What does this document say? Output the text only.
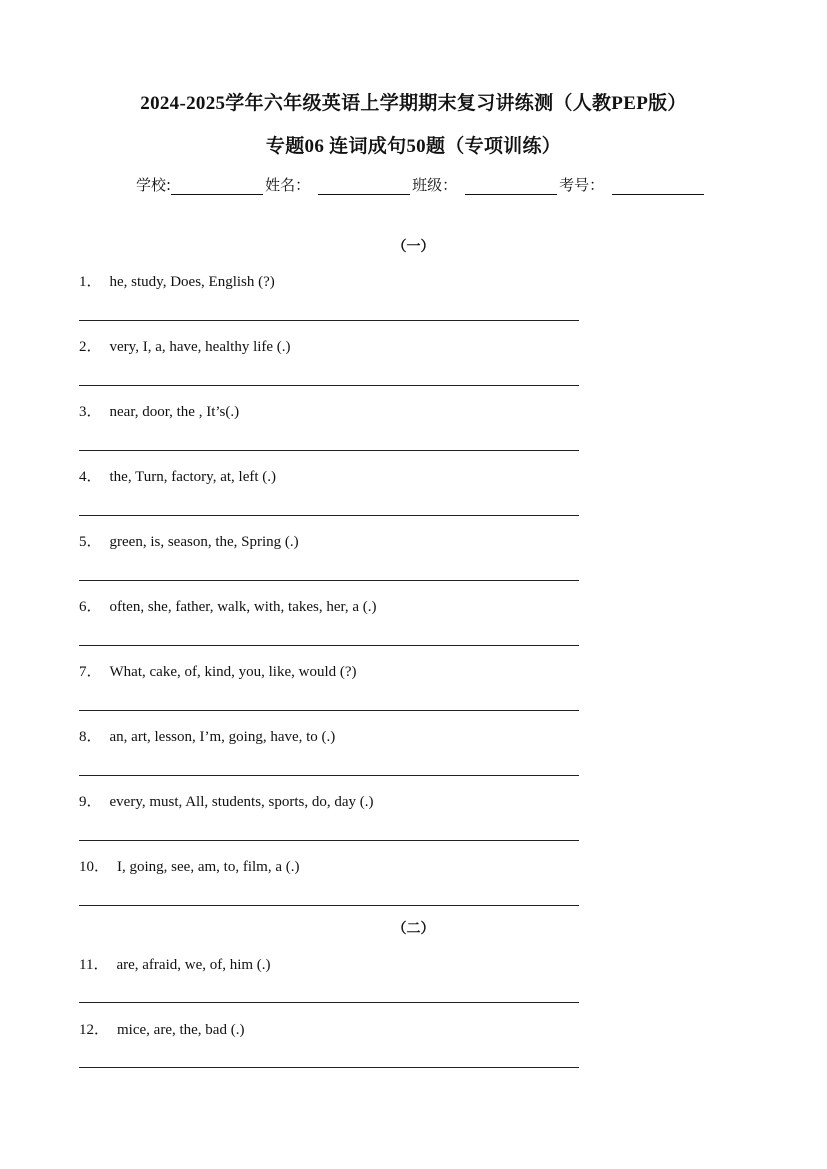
2024-2025学年六年级英语上学期期末复习讲练测（人教PEP版）
专题06 连词成句50题（专项训练）
学校:	姓名：	班级：	考号：
（一）
1． he, study, Does, English (?)
2． very, I, a, have, healthy life (.)
3． near, door, the , It’s(.)
4． the, Turn, factory, at, left (.)
5． green, is, season, the, Spring (.)
6． often, she, father, walk, with, takes, her, a (.)
7． What, cake, of, kind, you, like, would (?)
8． an, art, lesson, I’m, going, have, to (.)
9． every, must, All, students, sports, do, day (.)
10． I, going, see, am, to, film, a (.)
（二）
11． are, afraid, we, of, him (.)
12． mice, are, the, bad (.)
